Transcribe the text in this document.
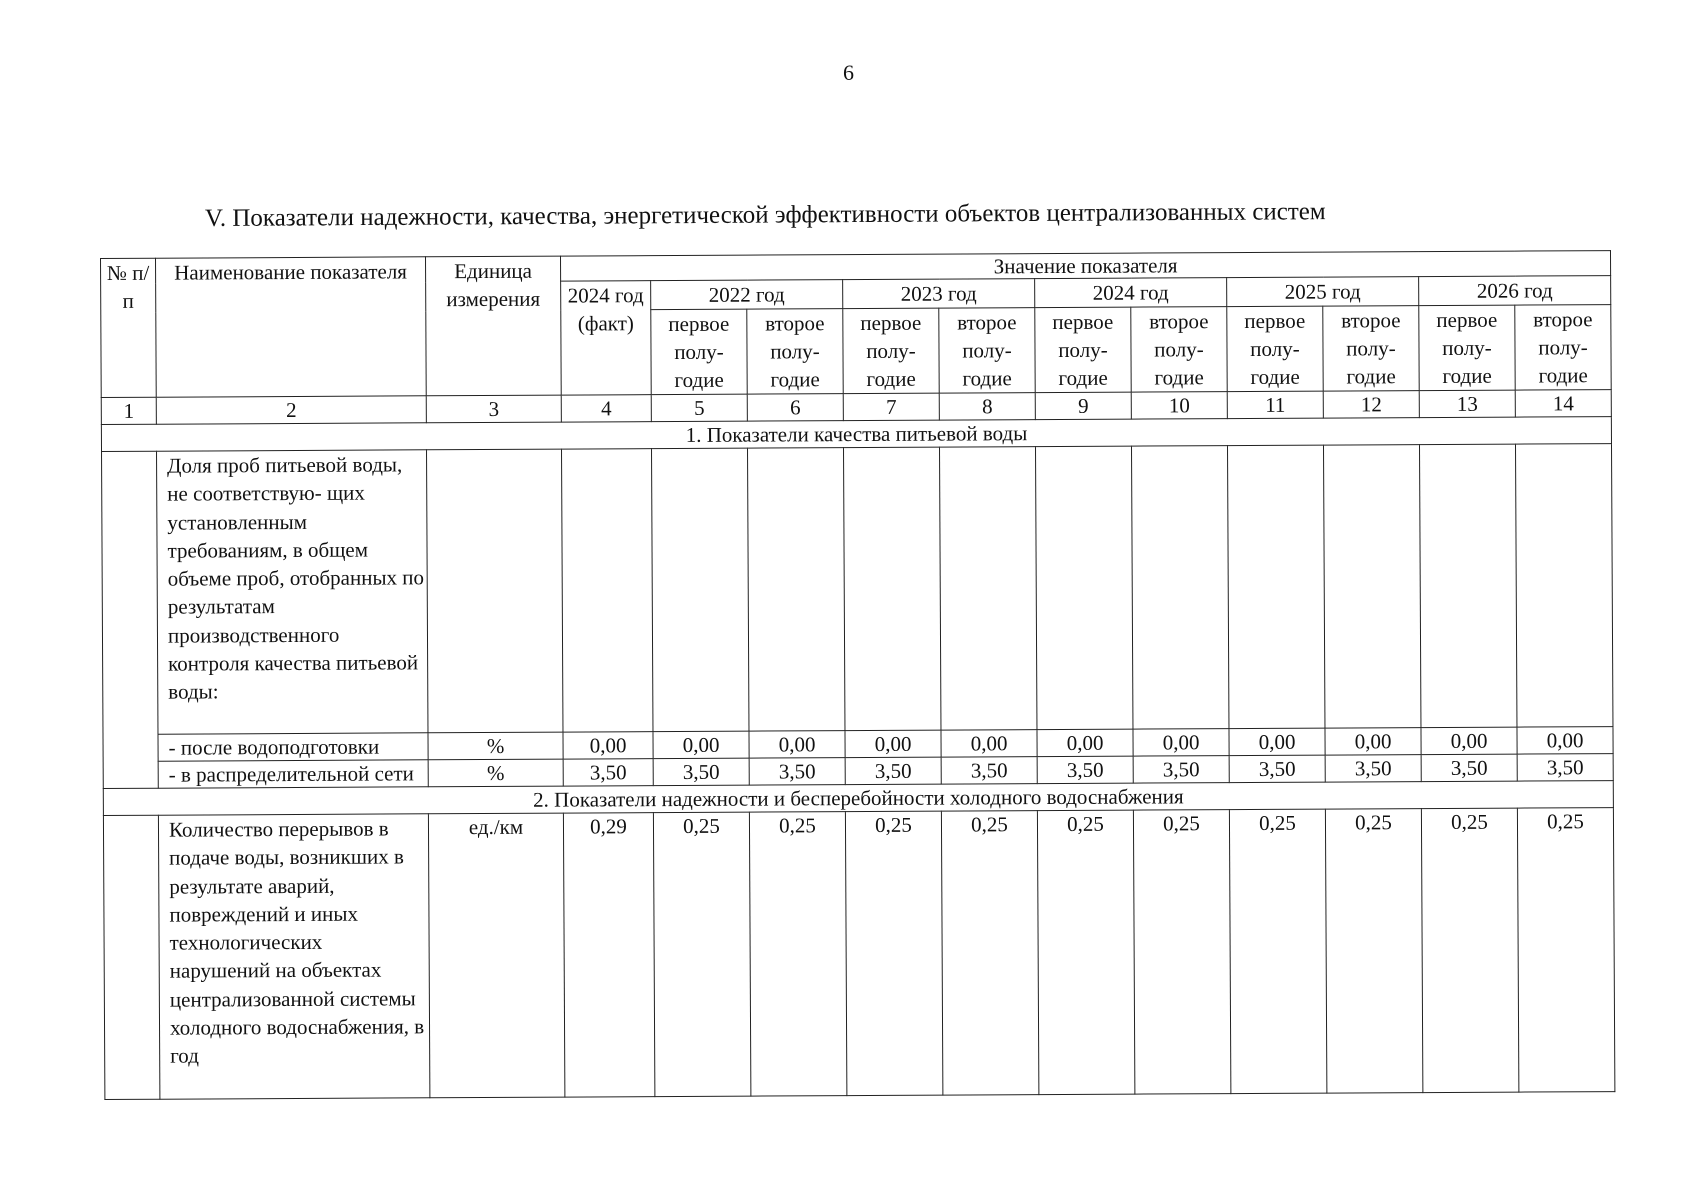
6
V. Показатели надежности, качества, энергетической эффективности объектов централизованных систем
№ п/п	Наименование показателя	Единица измерения	Значение показателя										
			2024 год (факт)	2022 год		2023 год		2024 год		2025 год		2026 год	
				первое полу- годие	второе полу- годие	первое полу- годие	второе полу- годие	первое полу- годие	второе полу- годие	первое полу- годие	второе полу- годие	первое полу- годие	второе полу- годие
1	2	3	4	5	6	7	8	9	10	11	12	13	14
1. Показатели качества питьевой воды													
	Доля проб питьевой воды, не соответствую- щих установленным требованиям, в общем объеме проб, отобранных по результатам производственного контроля качества питьевой воды:												
	- после водоподготовки	%	0,00	0,00	0,00	0,00	0,00	0,00	0,00	0,00	0,00	0,00	0,00
	- в распределительной сети	%	3,50	3,50	3,50	3,50	3,50	3,50	3,50	3,50	3,50	3,50	3,50
2. Показатели надежности и бесперебойности холодного водоснабжения													
	Количество перерывов в подаче воды, возникших в результате аварий, повреждений и иных технологических нарушений на объектах централизованной системы холодного водоснабжения, в год	ед./км	0,29	0,25	0,25	0,25	0,25	0,25	0,25	0,25	0,25	0,25	0,25
